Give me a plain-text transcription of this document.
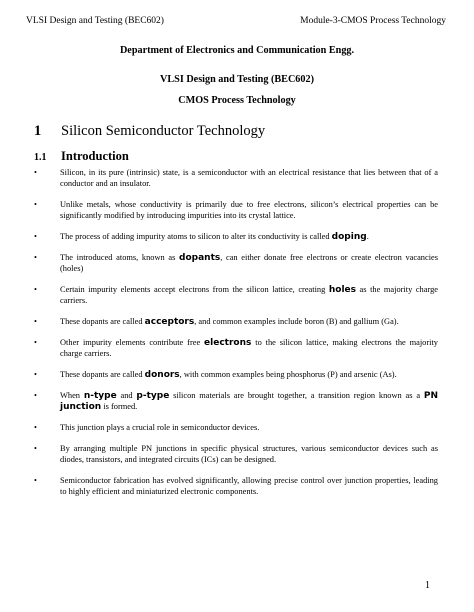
VLSI Design and Testing (BEC602)	Module-3-CMOS Process Technology
Department of Electronics and Communication Engg.
VLSI Design and Testing (BEC602)
CMOS Process Technology
1 Silicon Semiconductor Technology
1.1 Introduction
•	Silicon, in its pure (intrinsic) state, is a semiconductor with an electrical resistance that lies between that of a conductor and an insulator.
•	Unlike metals, whose conductivity is primarily due to free electrons, silicon’s electrical properties can be significantly modified by introducing impurities into its crystal lattice.
•	The process of adding impurity atoms to silicon to alter its conductivity is called doping.
•	The introduced atoms, known as dopants, can either donate free electrons or create electron vacancies (holes)
•	Certain impurity elements accept electrons from the silicon lattice, creating holes as the majority charge carriers.
•	These dopants are called acceptors, and common examples include boron (B) and gallium (Ga).
•	Other impurity elements contribute free electrons to the silicon lattice, making electrons the majority charge carriers.
•	These dopants are called donors, with common examples being phosphorus (P) and arsenic (As).
•	When n-type and p-type silicon materials are brought together, a transition region known as a PN junction is formed.
•	This junction plays a crucial role in semiconductor devices.
•	By arranging multiple PN junctions in specific physical structures, various semiconductor devices such as diodes, transistors, and integrated circuits (ICs) can be designed.
•	Semiconductor fabrication has evolved significantly, allowing precise control over junction properties, leading to highly efficient and miniaturized electronic components.
1
